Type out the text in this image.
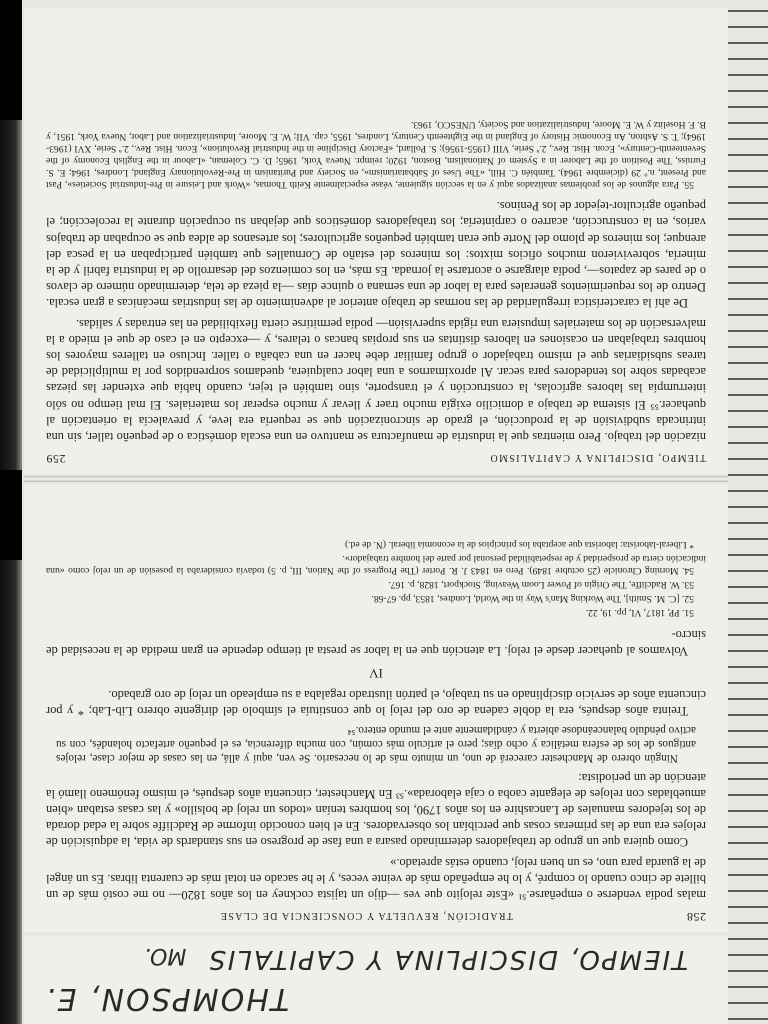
TIEMPO, DISCIPLINA Y CAPITALISMO
259

nización del trabajo. Pero mientras que la industria de manufactura se mantuvo en una escala doméstica o de pequeño taller, sin una intrincada subdivisión de la producción, el grado de sincronización que se requería era leve, y prevalecía la orientación al quehacer.⁵⁵ El sistema de trabajo a domicilio exigía mucho traer y llevar y mucho esperar los materiales. El mal tiempo no sólo interrumpía las labores agrícolas, la construcción y el transporte, sino también el tejer, cuando había que extender las piezas acabadas sobre los tendedores para secar. Al aproximarnos a una labor cualquiera, quedamos sorprendidos por la multiplicidad de tareas subsidiarias que el mismo trabajador o grupo familiar debe hacer en una cabaña o taller. Incluso en talleres mayores los hombres trabajaban en ocasiones en labores distintas en sus propias bancas o telares, y —excepto en el caso de que el miedo a la malversación de los materiales impusiera una rígida supervisión— podía permitirse cierta flexibilidad en las entradas y salidas.

De ahí la característica irregularidad de las normas de trabajo anterior al advenimiento de las industrias mecánicas a gran escala. Dentro de los requerimientos generales para la labor de una semana o quince días —la pieza de tela, determinado número de clavos o de pares de zapatos—, podía alargarse o acortarse la jornada. Es más, en los comienzos del desarrollo de la industria fabril y de la minería, sobrevivieron muchos oficios mixtos: los mineros del estaño de Cornualles que también participaban en la pesca del arenque; los mineros de plomo del Norte que eran también pequeños agricultores; los artesanos de aldea que se ocupaban de trabajos varios, en la construcción, acarreo o carpintería; los trabajadores domésticos que dejaban su ocupación durante la recolección; el pequeño agricultor-tejedor de los Peninos.

55. Para algunos de los problemas analizados aquí y en la sección siguiente, véase especialmente Keith Thomas, «Work and Leisure in Pre-Industrial Societies», Past and Present, n.º 29 (diciembre 1964). También C. Hill, «The Uses of Sabbatarianism», en Society and Puritanism in Pre-Revolutionary England, Londres, 1964; E. S. Furniss, The Position of the Laborer in a System of Nationalism, Boston, 1920; reimpr. Nueva York, 1965; D. C. Coleman, «Labour in the English Economy of the Seventeenth-Century», Econ. Hist. Rev., 2.ª Serie, VIII (1955-1956); S. Pollard, «Factory Discipline in the Industrial Revolution», Econ. Hist. Rev., 2.ª Serie, XVI (1963-1964); T. S. Ashton, An Economic History of England in the Eighteenth Century, Londres, 1955, cap. VII; W. E. Moore, Industrialization and Labor, Nueva York, 1951, y B. F. Hoselitz y W. E. Moore, Industrialization and Society, UNESCO, 1963.

258
TRADICIÓN, REVUELTA Y CONSCIENCIA DE CLASE

malas podía venderse o empeñarse.⁵¹ «Este relojito que ves —dijo un tajista cockney en los años 1820— no me costó más de un billete de cinco cuando lo compré, y lo he empeñado más de veinte veces, y le he sacado en total más de cuarenta libras. Es un ángel de la guarda para uno, es un buen reloj, cuando estás apretado.»

Como quiera que un grupo de trabajadores determinado pasara a una fase de progreso en sus standards de vida, la adquisición de relojes era una de las primeras cosas que percibían los observadores. En el bien conocido informe de Radcliffe sobre la edad dorada de los tejedores manuales de Lancashire en los años 1790, los hombres tenían «todos un reloj de bolsillo» y las casas estaban «bien amuebladas con relojes de elegante caoba o caja elaborada».⁵³ En Manchester, cincuenta años después, el mismo fenómeno llamó la atención de un periodista:

Ningún obrero de Manchester carecerá de uno, un minuto más de lo necesario. Se ven, aquí y allá, en las casas de mejor clase, relojes antiguos de los de esfera metálica y ocho días; pero el artículo más común, con mucha diferencia, es el pequeño artefacto holandés, con su activo péndulo balanceándose abierta y cándidamente ante el mundo entero.⁵⁴

Treinta años después, era la doble cadena de oro del reloj lo que constituía el símbolo del dirigente obrero Lib-Lab; * y por cincuenta años de servicio disciplinado en su trabajo, el patrón ilustrado regalaba a su empleado un reloj de oro grabado.

IV

Volvamos al quehacer desde el reloj. La atención que en la labor se presta al tiempo depende en gran medida de la necesidad de sincro-

51. PP, 1817, VI, pp. 19, 22.

52. [C. M. Smith], The Working Man's Way in the World, Londres, 1853, pp. 67-68.

53. W. Radcliffe, The Origin of Power Loom Weaving, Stockport, 1828, p. 167.

54. Morning Chronicle (25 octubre 1849). Pero en 1843 J. R. Porter (The Progress of the Nation, III, p. 5) todavía consideraba la posesión de un reloj como «una indicación cierta de prosperidad y de respetabilidad personal por parte del hombre trabajador».

* Liberal-laborista: laborista que aceptaba los principios de la economía liberal. (N. de ed.)

THOMPSON, E.
TIEMPO, DISCIPLINA Y CAPITALIS
MO.
